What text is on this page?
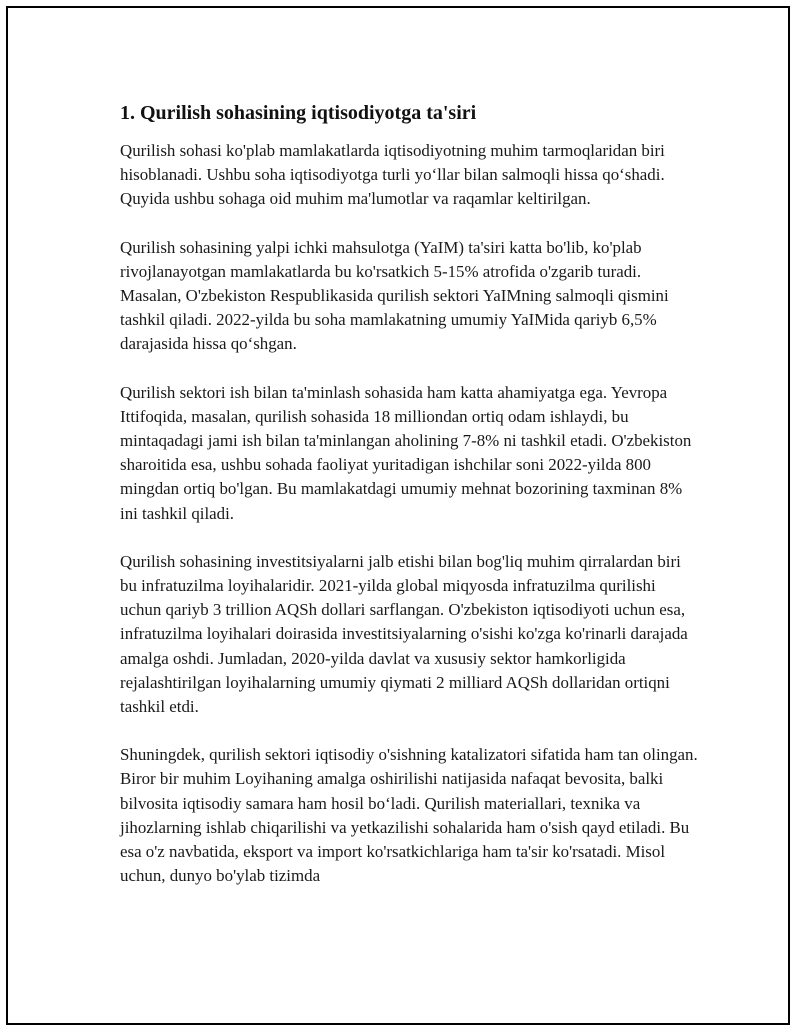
1. Qurilish sohasining iqtisodiyotga ta'siri

Qurilish sohasi ko'plab mamlakatlarda iqtisodiyotning muhim tarmoqlaridan biri hisoblanadi. Ushbu soha iqtisodiyotga turli yo‘llar bilan salmoqli hissa qo‘shadi. Quyida ushbu sohaga oid muhim ma'lumotlar va raqamlar keltirilgan.

Qurilish sohasining yalpi ichki mahsulotga (YaIM) ta'siri katta bo'lib, ko'plab rivojlanayotgan mamlakatlarda bu ko'rsatkich 5-15% atrofida o'zgarib turadi. Masalan, O'zbekiston Respublikasida qurilish sektori YaIMning salmoqli qismini tashkil qiladi. 2022-yilda bu soha mamlakatning umumiy YaIMida qariyb 6,5% darajasida hissa qo‘shgan.

Qurilish sektori ish bilan ta'minlash sohasida ham katta ahamiyatga ega. Yevropa Ittifoqida, masalan, qurilish sohasida 18 milliondan ortiq odam ishlaydi, bu mintaqadagi jami ish bilan ta'minlangan aholining 7-8% ni tashkil etadi. O'zbekiston sharoitida esa, ushbu sohada faoliyat yuritadigan ishchilar soni 2022-yilda 800 mingdan ortiq bo'lgan. Bu mamlakatdagi umumiy mehnat bozorining taxminan 8% ini tashkil qiladi.

Qurilish sohasining investitsiyalarni jalb etishi bilan bog'liq muhim qirralardan biri bu infratuzilma loyihalaridir. 2021-yilda global miqyosda infratuzilma qurilishi uchun qariyb 3 trillion AQSh dollari sarflangan. O'zbekiston iqtisodiyoti uchun esa, infratuzilma loyihalari doirasida investitsiyalarning o'sishi ko'zga ko'rinarli darajada amalga oshdi. Jumladan, 2020-yilda davlat va xususiy sektor hamkorligida rejalashtirilgan loyihalarning umumiy qiymati 2 milliard AQSh dollaridan ortiqni tashkil etdi.

Shuningdek, qurilish sektori iqtisodiy o'sishning katalizatori sifatida ham tan olingan. Biror bir muhim Loyihaning amalga oshirilishi natijasida nafaqat bevosita, balki bilvosita iqtisodiy samara ham hosil bo‘ladi. Qurilish materiallari, texnika va jihozlarning ishlab chiqarilishi va yetkazilishi sohalarida ham o'sish qayd etiladi. Bu esa o'z navbatida, eksport va import ko'rsatkichlariga ham ta'sir ko'rsatadi. Misol uchun, dunyo bo'ylab tizimda
